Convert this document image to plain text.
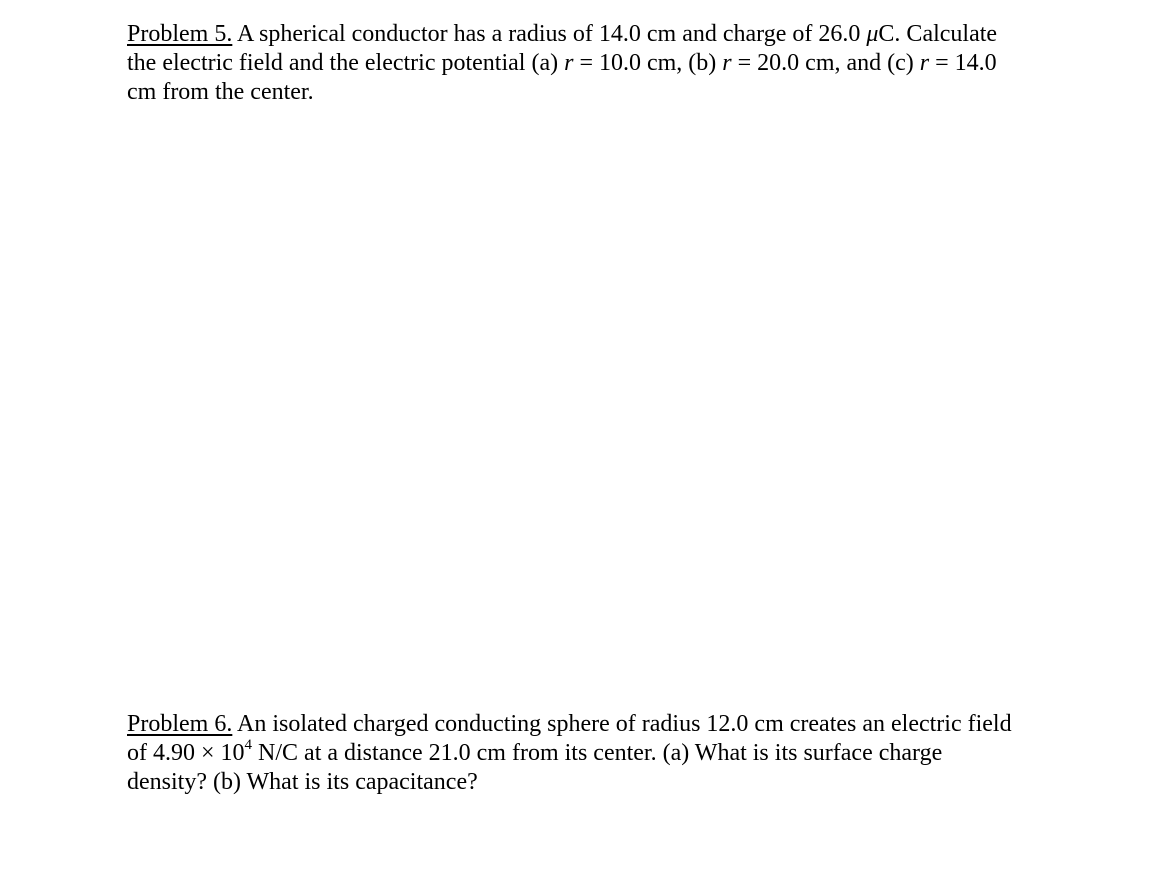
Problem 5. A spherical conductor has a radius of 14.0 cm and charge of 26.0 μC. Calculate
the electric field and the electric potential (a) r = 10.0 cm, (b) r = 20.0 cm, and (c) r = 14.0
cm from the center.

Problem 6. An isolated charged conducting sphere of radius 12.0 cm creates an electric field
of $4.90 \times 10^4$ N/C at a distance 21.0 cm from its center. (a) What is its surface charge
density? (b) What is its capacitance?
